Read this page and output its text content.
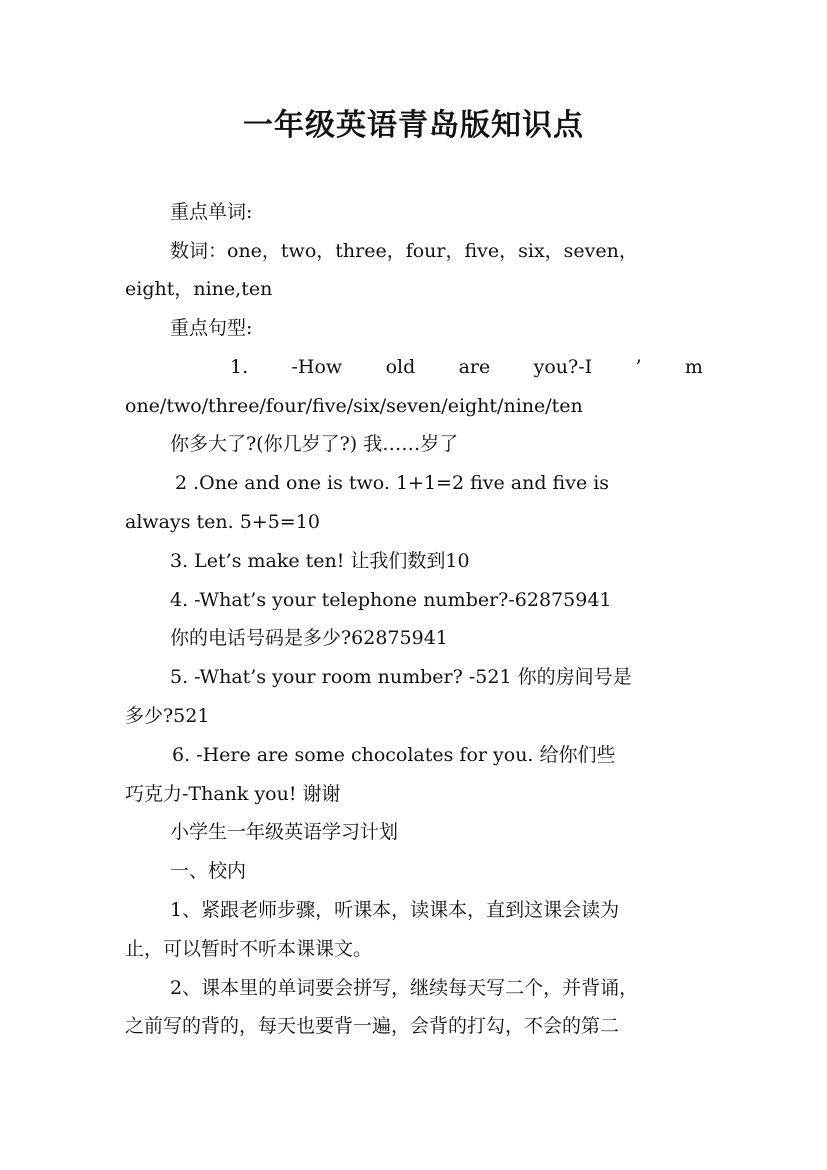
一年级英语青岛版知识点
重点单词:
数词：one，two，three，four，five，six，seven，
eight，nine,ten
重点句型:
1. -How old are you?-I ’ m
one/two/three/four/five/six/seven/eight/nine/ten
你多大了?(你几岁了?) 我……岁了
2 .One and one is two. 1+1=2 five and five is
always ten. 5+5=10
3. Let’s make ten! 让我们数到10
4. -What’s your telephone number?-62875941
你的电话号码是多少?62875941
5. -What’s your room number? -521 你的房间号是
多少?521
6. -Here are some chocolates for you. 给你们些
巧克力-Thank you! 谢谢
小学生一年级英语学习计划
一、校内
1、紧跟老师步骤，听课本，读课本，直到这课会读为
止，可以暂时不听本课课文。
2、课本里的单词要会拼写，继续每天写二个，并背诵，
之前写的背的，每天也要背一遍，会背的打勾，不会的第二
